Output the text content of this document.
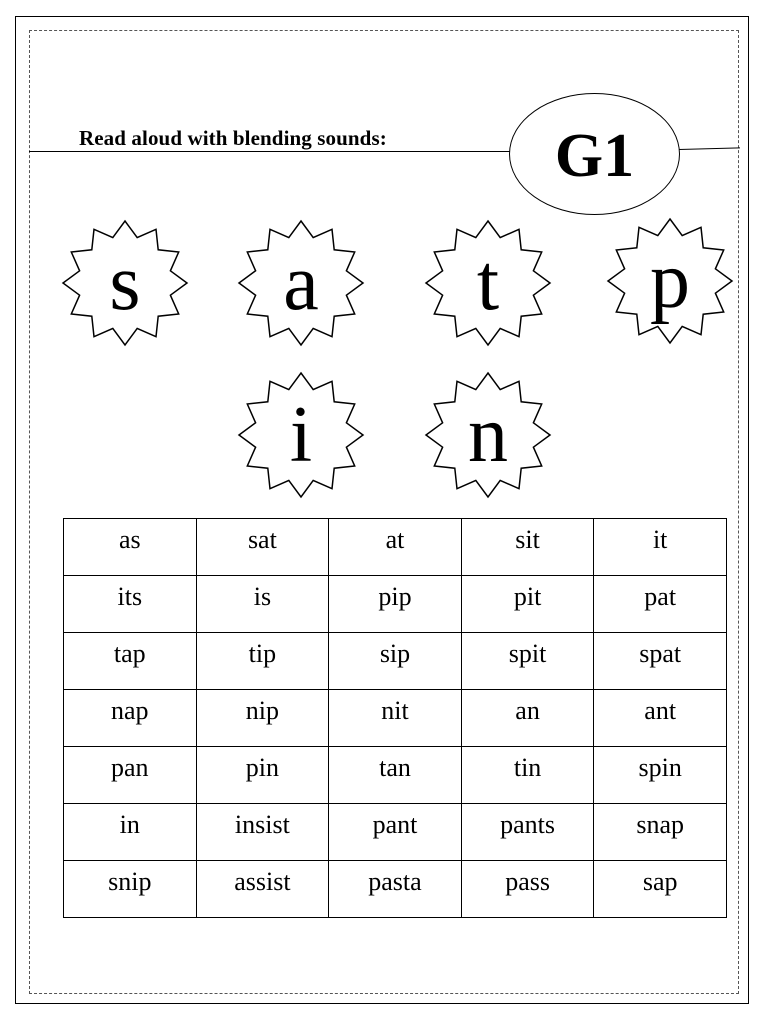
Read aloud with blending sounds:	G1
s	a	t	p
i	n
as	sat	at	sit	it
its	is	pip	pit	pat
tap	tip	sip	spit	spat
nap	nip	nit	an	ant
pan	pin	tan	tin	spin
in	insist	pant	pants	snap
snip	assist	pasta	pass	sap
